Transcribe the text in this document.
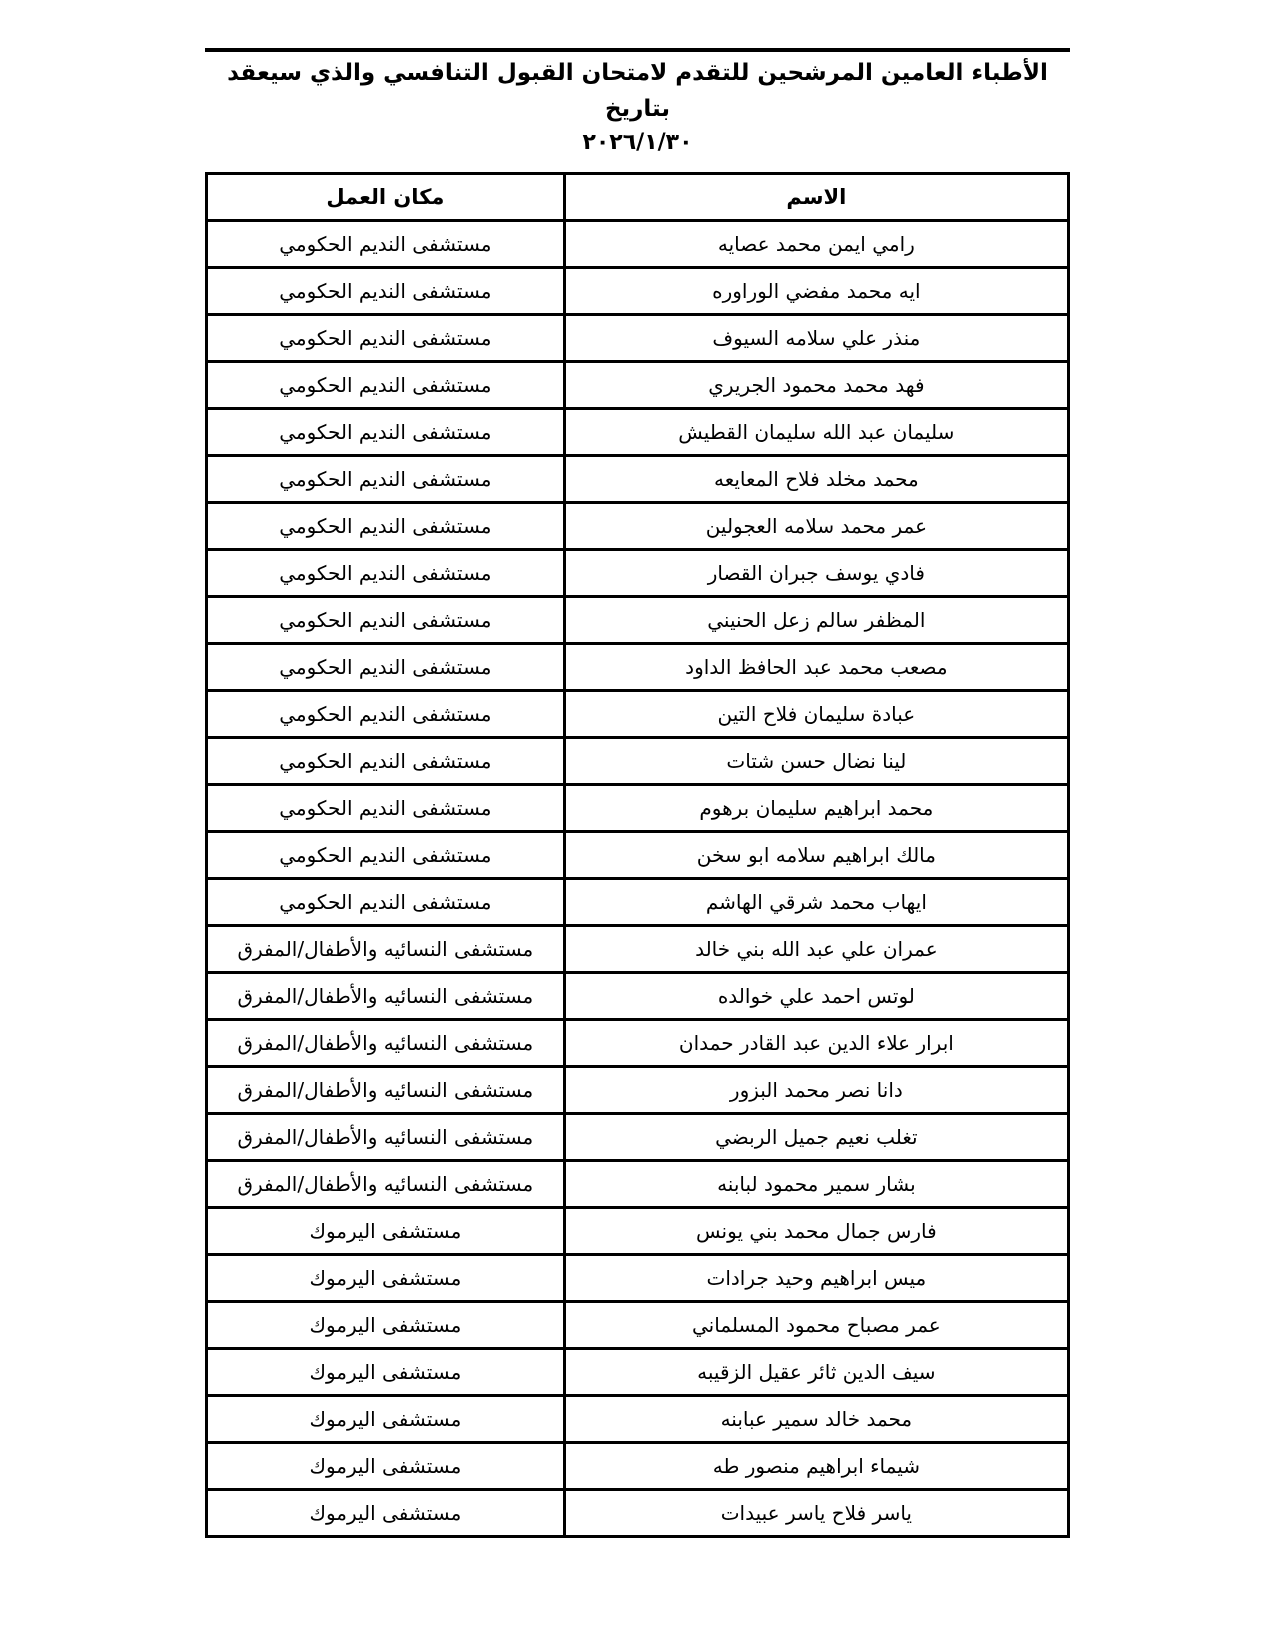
الأطباء العامين المرشحين للتقدم لامتحان القبول التنافسي والذي سيعقد بتاريخ
٢٠٢٦/١/٣٠
الاسم	مكان العمل
رامي ايمن محمد عصايه	مستشفى النديم الحكومي
ايه محمد مفضي الوراوره	مستشفى النديم الحكومي
منذر علي سلامه السيوف	مستشفى النديم الحكومي
فهد محمد محمود الجريري	مستشفى النديم الحكومي
سليمان عبد الله سليمان القطيش	مستشفى النديم الحكومي
محمد مخلد فلاح المعايعه	مستشفى النديم الحكومي
عمر محمد سلامه العجولين	مستشفى النديم الحكومي
فادي يوسف جبران القصار	مستشفى النديم الحكومي
المظفر سالم زعل الحنيني	مستشفى النديم الحكومي
مصعب محمد عبد الحافظ الداود	مستشفى النديم الحكومي
عبادة سليمان فلاح التين	مستشفى النديم الحكومي
لينا نضال حسن شتات	مستشفى النديم الحكومي
محمد ابراهيم سليمان برهوم	مستشفى النديم الحكومي
مالك ابراهيم سلامه ابو سخن	مستشفى النديم الحكومي
ايهاب محمد شرقي الهاشم	مستشفى النديم الحكومي
عمران علي عبد الله بني خالد	مستشفى النسائيه والأطفال/المفرق
لوتس احمد علي خوالده	مستشفى النسائيه والأطفال/المفرق
ابرار علاء الدين عبد القادر حمدان	مستشفى النسائيه والأطفال/المفرق
دانا نصر محمد البزور	مستشفى النسائيه والأطفال/المفرق
تغلب نعيم جميل الربضي	مستشفى النسائيه والأطفال/المفرق
بشار سمير محمود لبابنه	مستشفى النسائيه والأطفال/المفرق
فارس جمال محمد بني يونس	مستشفى اليرموك
ميس ابراهيم وحيد جرادات	مستشفى اليرموك
عمر مصباح محمود المسلماني	مستشفى اليرموك
سيف الدين ثائر عقيل الزقيبه	مستشفى اليرموك
محمد خالد سمير عبابنه	مستشفى اليرموك
شيماء ابراهيم منصور طه	مستشفى اليرموك
ياسر فلاح ياسر عبيدات	مستشفى اليرموك
